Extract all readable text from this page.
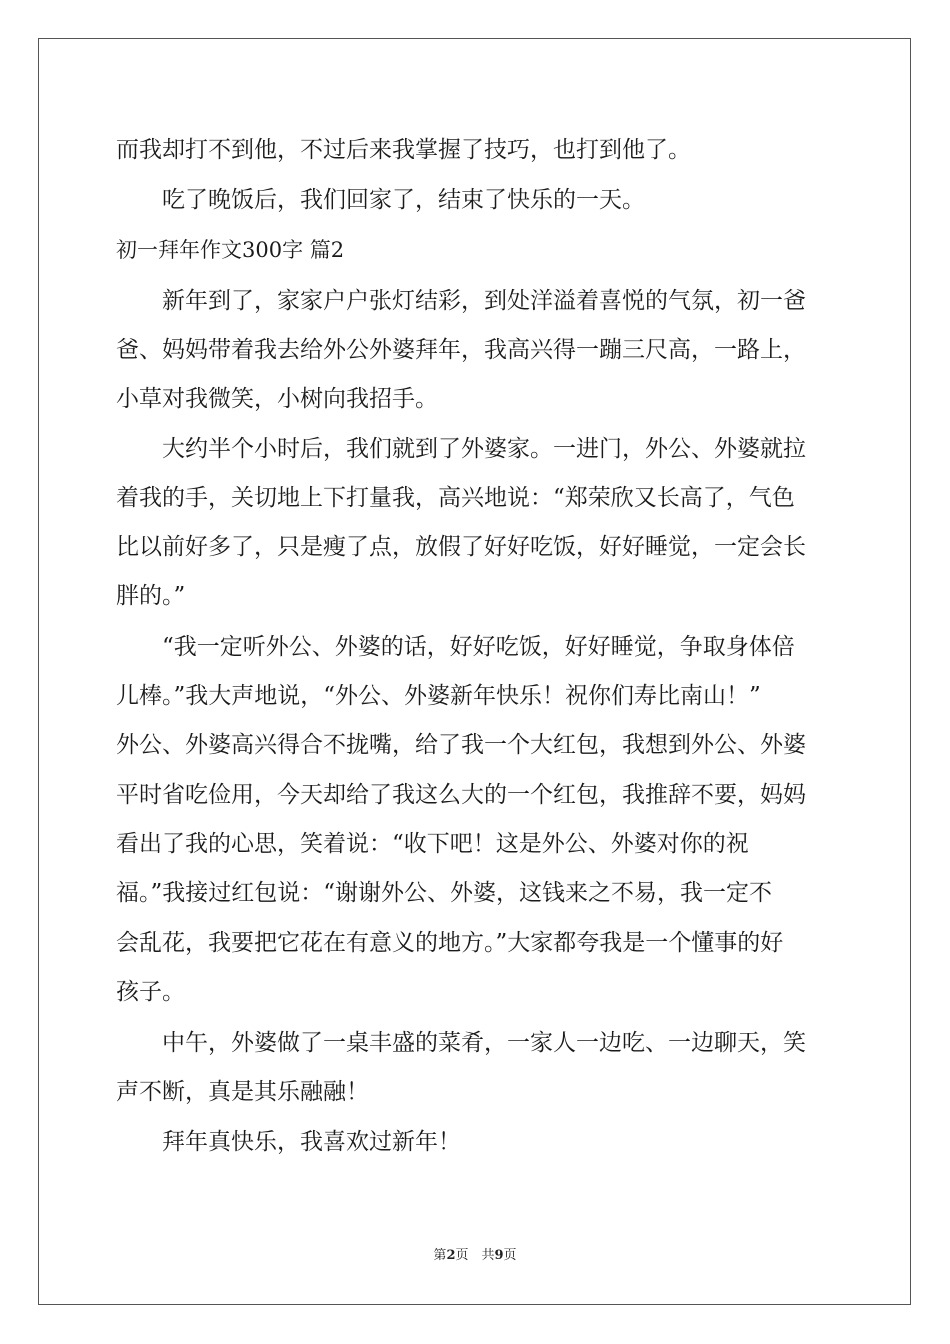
而我却打不到他，不过后来我掌握了技巧，也打到他了。
　　吃了晚饭后，我们回家了，结束了快乐的一天。
初一拜年作文300字 篇2
　　新年到了，家家户户张灯结彩，到处洋溢着喜悦的气氛，初一爸
爸、妈妈带着我去给外公外婆拜年，我高兴得一蹦三尺高，一路上，
小草对我微笑，小树向我招手。
　　大约半个小时后，我们就到了外婆家。一进门，外公、外婆就拉
着我的手，关切地上下打量我，高兴地说：“郑荣欣又长高了，气色
比以前好多了，只是瘦了点，放假了好好吃饭，好好睡觉，一定会长
胖的。”
　　“我一定听外公、外婆的话，好好吃饭，好好睡觉，争取身体倍
儿棒。”我大声地说，“外公、外婆新年快乐！祝你们寿比南山！”
外公、外婆高兴得合不拢嘴，给了我一个大红包，我想到外公、外婆
平时省吃俭用，今天却给了我这么大的一个红包，我推辞不要，妈妈
看出了我的心思，笑着说：“收下吧！这是外公、外婆对你的祝
福。”我接过红包说：“谢谢外公、外婆，这钱来之不易，我一定不
会乱花，我要把它花在有意义的地方。”大家都夸我是一个懂事的好
孩子。
　　中午，外婆做了一桌丰盛的菜肴，一家人一边吃、一边聊天，笑
声不断，真是其乐融融！
　　拜年真快乐，我喜欢过新年！
第2页　共9页
